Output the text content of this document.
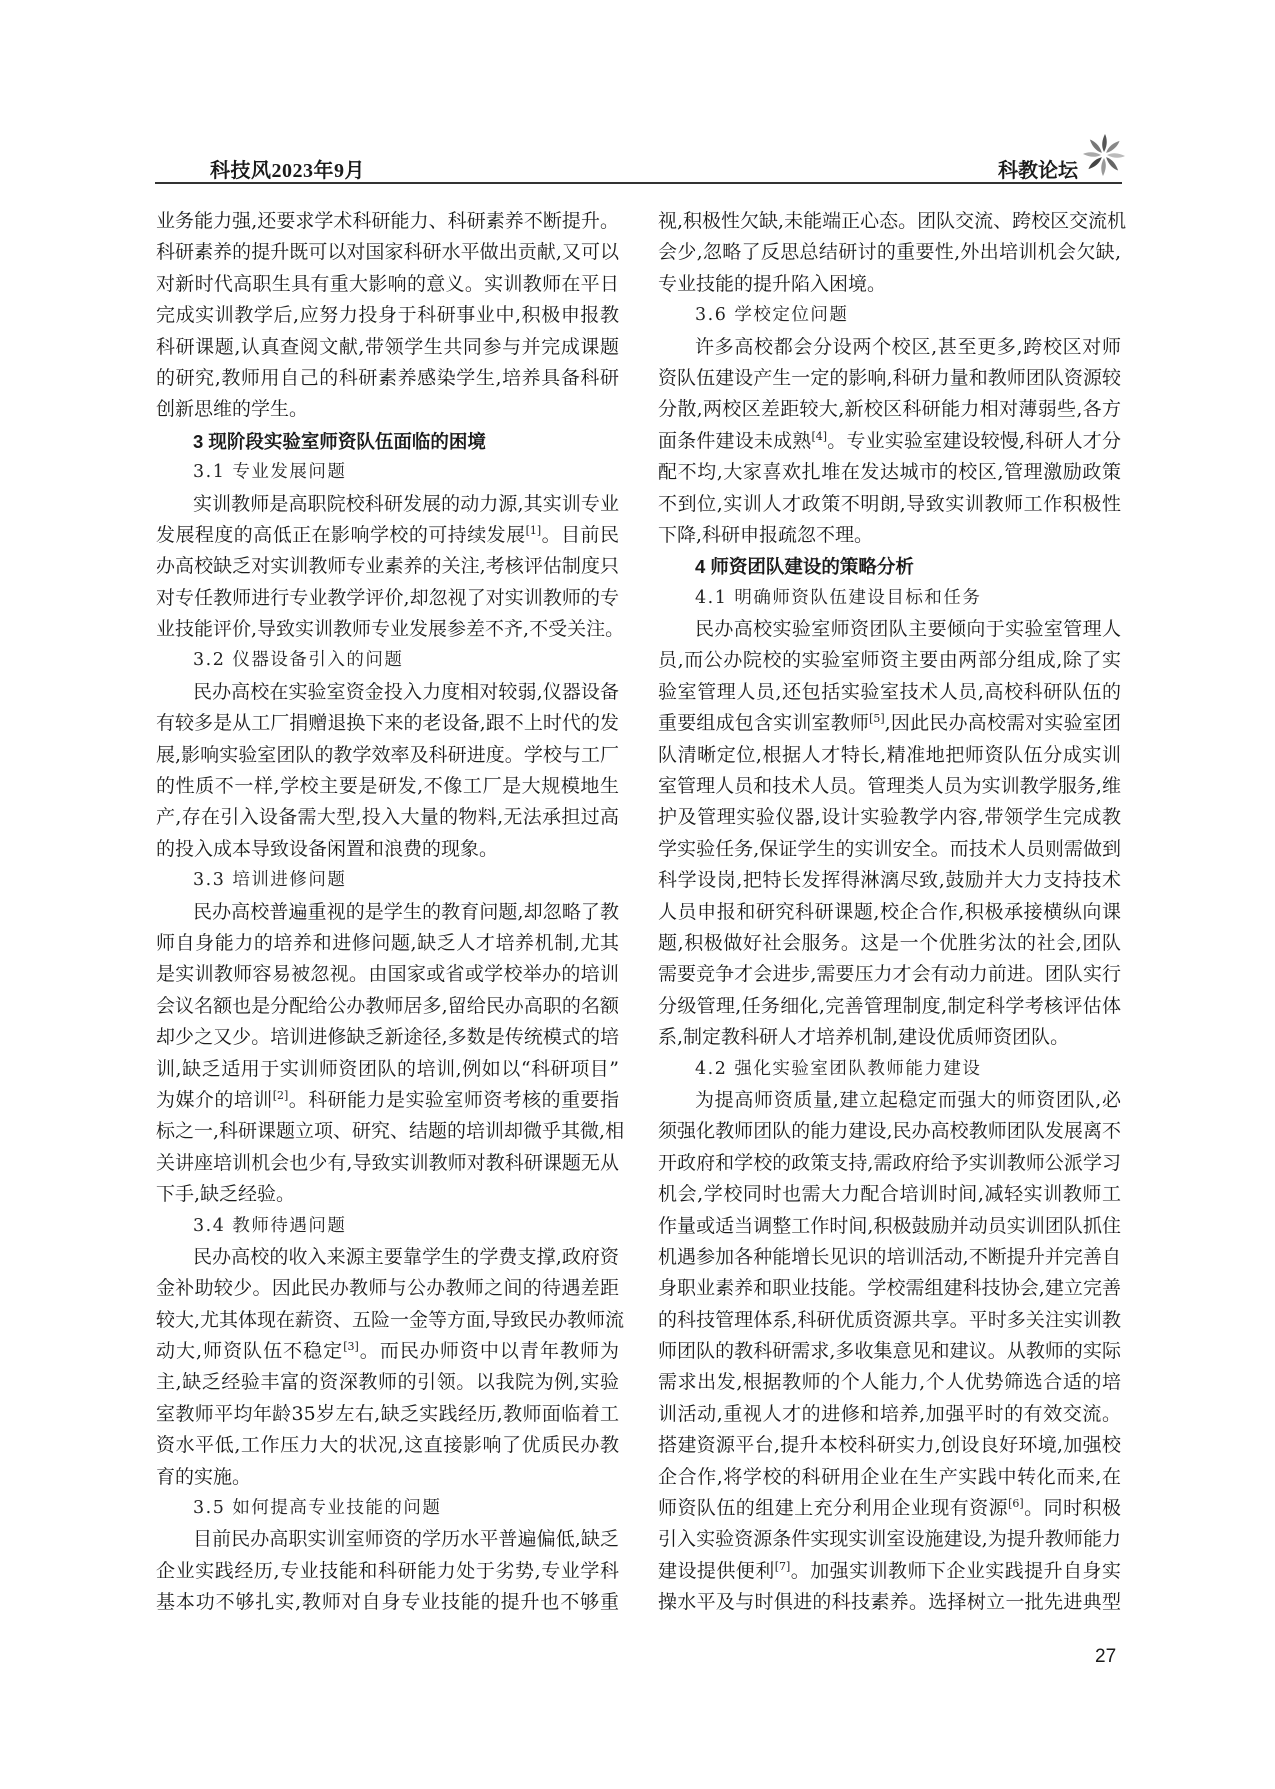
科技风2023年9月	科教论坛
业务能力强,还要求学术科研能力、科研素养不断提升。
科研素养的提升既可以对国家科研水平做出贡献,又可以
对新时代高职生具有重大影响的意义。实训教师在平日
完成实训教学后,应努力投身于科研事业中,积极申报教
科研课题,认真查阅文献,带领学生共同参与并完成课题
的研究,教师用自己的科研素养感染学生,培养具备科研
创新思维的学生。
3 现阶段实验室师资队伍面临的困境
3.1 专业发展问题
实训教师是高职院校科研发展的动力源,其实训专业
发展程度的高低正在影响学校的可持续发展[1]。目前民
办高校缺乏对实训教师专业素养的关注,考核评估制度只
对专任教师进行专业教学评价,却忽视了对实训教师的专
业技能评价,导致实训教师专业发展参差不齐,不受关注。
3.2 仪器设备引入的问题
民办高校在实验室资金投入力度相对较弱,仪器设备
有较多是从工厂捐赠退换下来的老设备,跟不上时代的发
展,影响实验室团队的教学效率及科研进度。学校与工厂
的性质不一样,学校主要是研发,不像工厂是大规模地生
产,存在引入设备需大型,投入大量的物料,无法承担过高
的投入成本导致设备闲置和浪费的现象。
3.3 培训进修问题
民办高校普遍重视的是学生的教育问题,却忽略了教
师自身能力的培养和进修问题,缺乏人才培养机制,尤其
是实训教师容易被忽视。由国家或省或学校举办的培训
会议名额也是分配给公办教师居多,留给民办高职的名额
却少之又少。培训进修缺乏新途径,多数是传统模式的培
训,缺乏适用于实训师资团队的培训,例如以“科研项目”
为媒介的培训[2]。科研能力是实验室师资考核的重要指
标之一,科研课题立项、研究、结题的培训却微乎其微,相
关讲座培训机会也少有,导致实训教师对教科研课题无从
下手,缺乏经验。
3.4 教师待遇问题
民办高校的收入来源主要靠学生的学费支撑,政府资
金补助较少。因此民办教师与公办教师之间的待遇差距
较大,尤其体现在薪资、五险一金等方面,导致民办教师流
动大,师资队伍不稳定[3]。而民办师资中以青年教师为
主,缺乏经验丰富的资深教师的引领。以我院为例,实验
室教师平均年龄35岁左右,缺乏实践经历,教师面临着工
资水平低,工作压力大的状况,这直接影响了优质民办教
育的实施。
3.5 如何提高专业技能的问题
目前民办高职实训室师资的学历水平普遍偏低,缺乏
企业实践经历,专业技能和科研能力处于劣势,专业学科
基本功不够扎实,教师对自身专业技能的提升也不够重
视,积极性欠缺,未能端正心态。团队交流、跨校区交流机
会少,忽略了反思总结研讨的重要性,外出培训机会欠缺,
专业技能的提升陷入困境。
3.6 学校定位问题
许多高校都会分设两个校区,甚至更多,跨校区对师
资队伍建设产生一定的影响,科研力量和教师团队资源较
分散,两校区差距较大,新校区科研能力相对薄弱些,各方
面条件建设未成熟[4]。专业实验室建设较慢,科研人才分
配不均,大家喜欢扎堆在发达城市的校区,管理激励政策
不到位,实训人才政策不明朗,导致实训教师工作积极性
下降,科研申报疏忽不理。
4 师资团队建设的策略分析
4.1 明确师资队伍建设目标和任务
民办高校实验室师资团队主要倾向于实验室管理人
员,而公办院校的实验室师资主要由两部分组成,除了实
验室管理人员,还包括实验室技术人员,高校科研队伍的
重要组成包含实训室教师[5],因此民办高校需对实验室团
队清晰定位,根据人才特长,精准地把师资队伍分成实训
室管理人员和技术人员。管理类人员为实训教学服务,维
护及管理实验仪器,设计实验教学内容,带领学生完成教
学实验任务,保证学生的实训安全。而技术人员则需做到
科学设岗,把特长发挥得淋漓尽致,鼓励并大力支持技术
人员申报和研究科研课题,校企合作,积极承接横纵向课
题,积极做好社会服务。这是一个优胜劣汰的社会,团队
需要竞争才会进步,需要压力才会有动力前进。团队实行
分级管理,任务细化,完善管理制度,制定科学考核评估体
系,制定教科研人才培养机制,建设优质师资团队。
4.2 强化实验室团队教师能力建设
为提高师资质量,建立起稳定而强大的师资团队,必
须强化教师团队的能力建设,民办高校教师团队发展离不
开政府和学校的政策支持,需政府给予实训教师公派学习
机会,学校同时也需大力配合培训时间,减轻实训教师工
作量或适当调整工作时间,积极鼓励并动员实训团队抓住
机遇参加各种能增长见识的培训活动,不断提升并完善自
身职业素养和职业技能。学校需组建科技协会,建立完善
的科技管理体系,科研优质资源共享。平时多关注实训教
师团队的教科研需求,多收集意见和建议。从教师的实际
需求出发,根据教师的个人能力,个人优势筛选合适的培
训活动,重视人才的进修和培养,加强平时的有效交流。
搭建资源平台,提升本校科研实力,创设良好环境,加强校
企合作,将学校的科研用企业在生产实践中转化而来,在
师资队伍的组建上充分利用企业现有资源[6]。同时积极
引入实验资源条件实现实训室设施建设,为提升教师能力
建设提供便利[7]。加强实训教师下企业实践提升自身实
操水平及与时俱进的科技素养。选择树立一批先进典型
27
